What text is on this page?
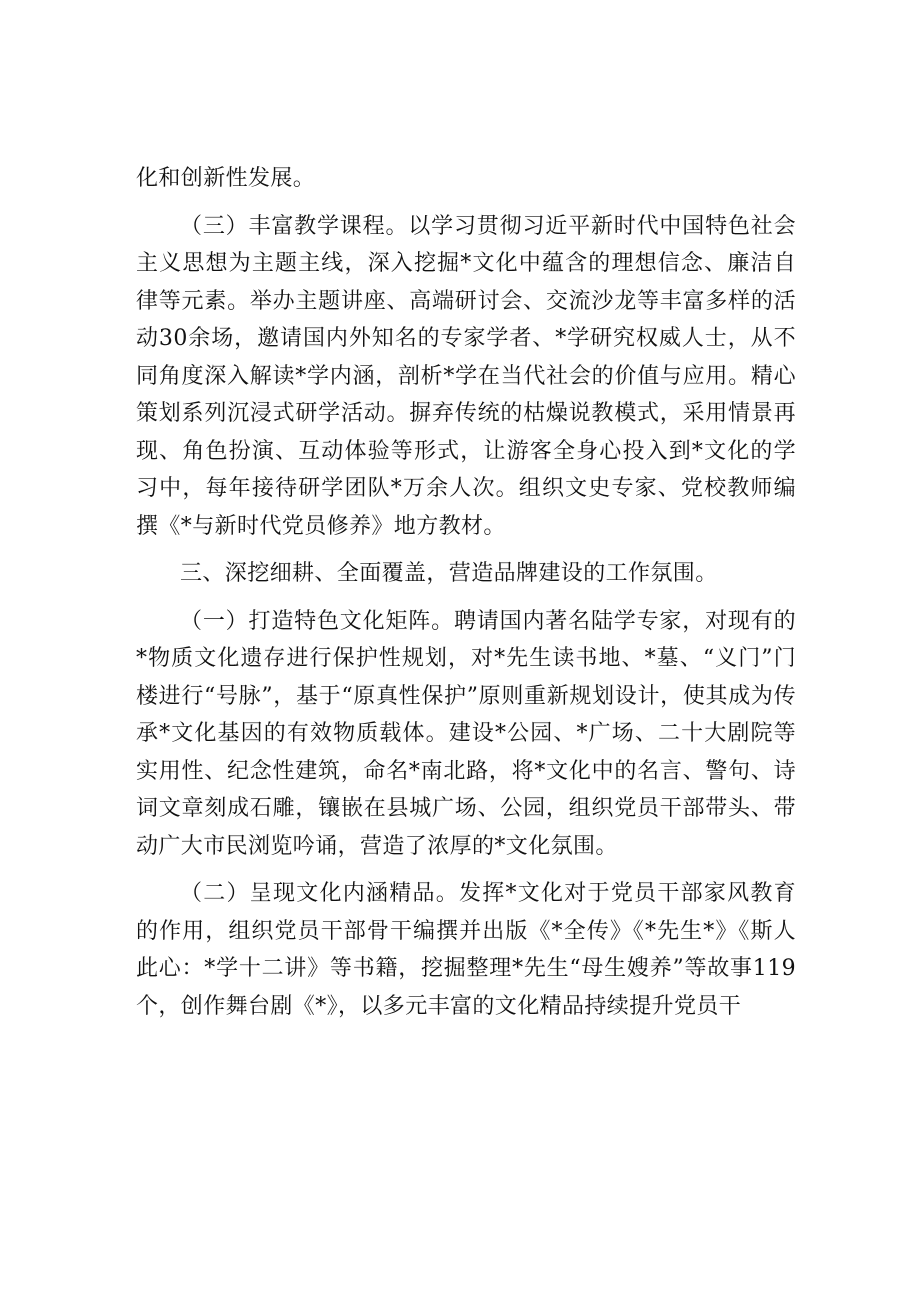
化和创新性发展。

（三）丰富教学课程。以学习贯彻习近平新时代中国特色社会主义思想为主题主线，深入挖掘*文化中蕴含的理想信念、廉洁自律等元素。举办主题讲座、高端研讨会、交流沙龙等丰富多样的活动30余场，邀请国内外知名的专家学者、*学研究权威人士，从不同角度深入解读*学内涵，剖析*学在当代社会的价值与应用。精心策划系列沉浸式研学活动。摒弃传统的枯燥说教模式，采用情景再现、角色扮演、互动体验等形式，让游客全身心投入到*文化的学习中，每年接待研学团队*万余人次。组织文史专家、党校教师编撰《*与新时代党员修养》地方教材。

三、深挖细耕、全面覆盖，营造品牌建设的工作氛围。

（一）打造特色文化矩阵。聘请国内著名陆学专家，对现有的*物质文化遗存进行保护性规划，对*先生读书地、*墓、“义门”门楼进行“号脉”，基于“原真性保护”原则重新规划设计，使其成为传承*文化基因的有效物质载体。建设*公园、*广场、二十大剧院等实用性、纪念性建筑，命名*南北路，将*文化中的名言、警句、诗词文章刻成石雕，镶嵌在县城广场、公园，组织党员干部带头、带动广大市民浏览吟诵，营造了浓厚的*文化氛围。

（二）呈现文化内涵精品。发挥*文化对于党员干部家风教育的作用，组织党员干部骨干编撰并出版《*全传》《*先生*》《斯人此心：*学十二讲》等书籍，挖掘整理*先生“母生嫂养”等故事119个，创作舞台剧《*》，以多元丰富的文化精品持续提升党员干
